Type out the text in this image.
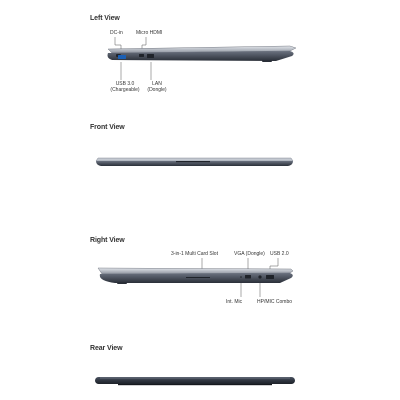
Left View
DC-in	Micro HDMI
USB 3.0
(Chargeable)
LAN
(Dongle)
Front View
Right View
3-in-1 Multi Card Slot	VGA (Dongle) USB 2.0
Int. Mic	HP/MIC Combo
Rear View
